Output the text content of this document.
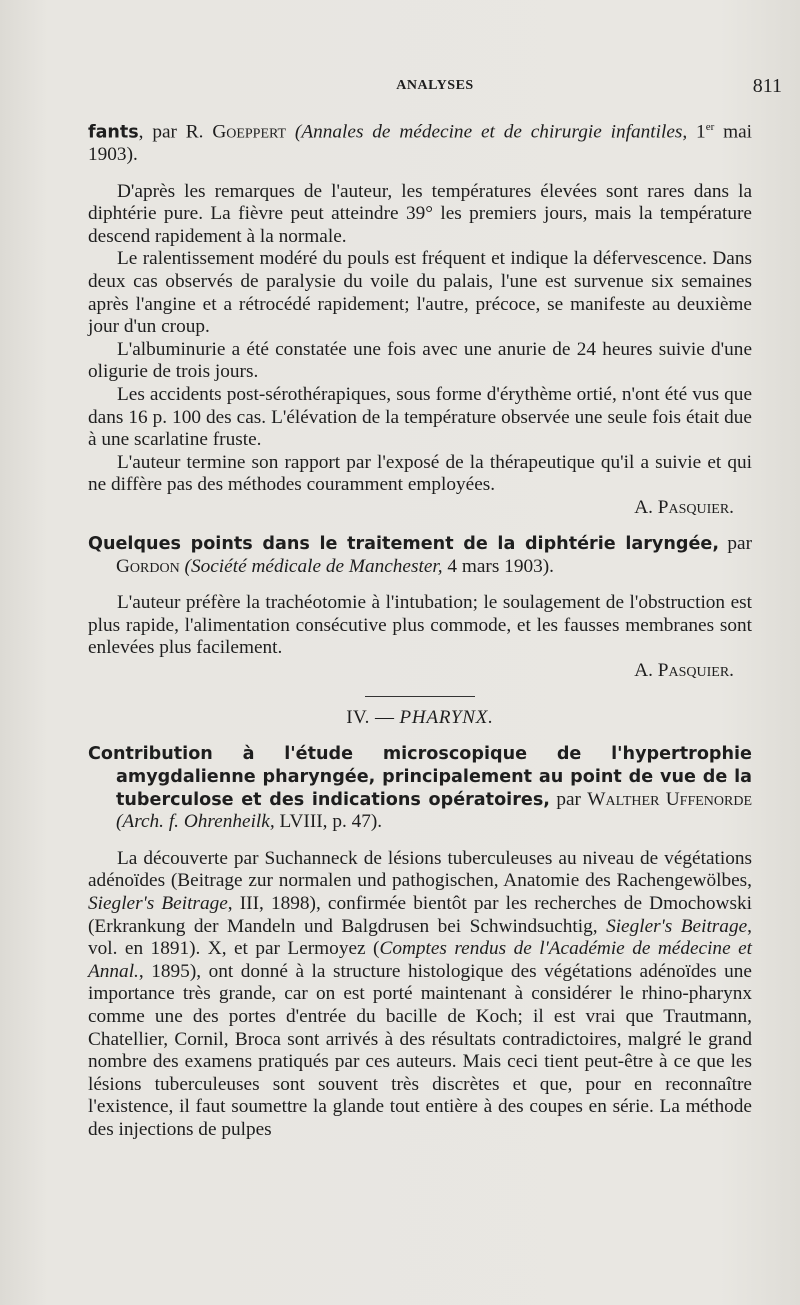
ANALYSES	811

fants, par R. Goeppert (Annales de médecine et de chirurgie infantiles, 1er mai 1903).

D'après les remarques de l'auteur, les températures élevées sont rares dans la diphtérie pure. La fièvre peut atteindre 39° les premiers jours, mais la température descend rapidement à la normale.

Le ralentissement modéré du pouls est fréquent et indique la défervescence. Dans deux cas observés de paralysie du voile du palais, l'une est survenue six semaines après l'angine et a rétrocédé rapidement; l'autre, précoce, se manifeste au deuxième jour d'un croup.

L'albuminurie a été constatée une fois avec une anurie de 24 heures suivie d'une oligurie de trois jours.

Les accidents post-sérothérapiques, sous forme d'érythème ortié, n'ont été vus que dans 16 p. 100 des cas. L'élévation de la température observée une seule fois était due à une scarlatine fruste.

L'auteur termine son rapport par l'exposé de la thérapeutique qu'il a suivie et qui ne diffère pas des méthodes couramment employées.

A. Pasquier.

Quelques points dans le traitement de la diphtérie laryngée, par Gordon (Société médicale de Manchester, 4 mars 1903).

L'auteur préfère la trachéotomie à l'intubation; le soulagement de l'obstruction est plus rapide, l'alimentation consécutive plus commode, et les fausses membranes sont enlevées plus facilement.

A. Pasquier.

IV. — PHARYNX.

Contribution à l'étude microscopique de l'hypertrophie amygdalienne pharyngée, principalement au point de vue de la tuberculose et des indications opératoires, par Walther Uffenorde (Arch. f. Ohrenheilk, LVIII, p. 47).

La découverte par Suchanneck de lésions tuberculeuses au niveau de végétations adénoïdes (Beitrage zur normalen und pathogischen, Anatomie des Rachengewölbes, Siegler's Beitrage, III, 1898), confirmée bientôt par les recherches de Dmochowski (Erkrankung der Mandeln und Balgdrusen bei Schwindsuchtig, Siegler's Beitrage, vol. en 1891). X, et par Lermoyez (Comptes rendus de l'Académie de médecine et Annal., 1895), ont donné à la structure histologique des végétations adénoïdes une importance très grande, car on est porté maintenant à considérer le rhino-pharynx comme une des portes d'entrée du bacille de Koch; il est vrai que Trautmann, Chatellier, Cornil, Broca sont arrivés à des résultats contradictoires, malgré le grand nombre des examens pratiqués par ces auteurs. Mais ceci tient peut-être à ce que les lésions tuberculeuses sont souvent très discrètes et que, pour en reconnaître l'existence, il faut soumettre la glande tout entière à des coupes en série. La méthode des injections de pulpes
